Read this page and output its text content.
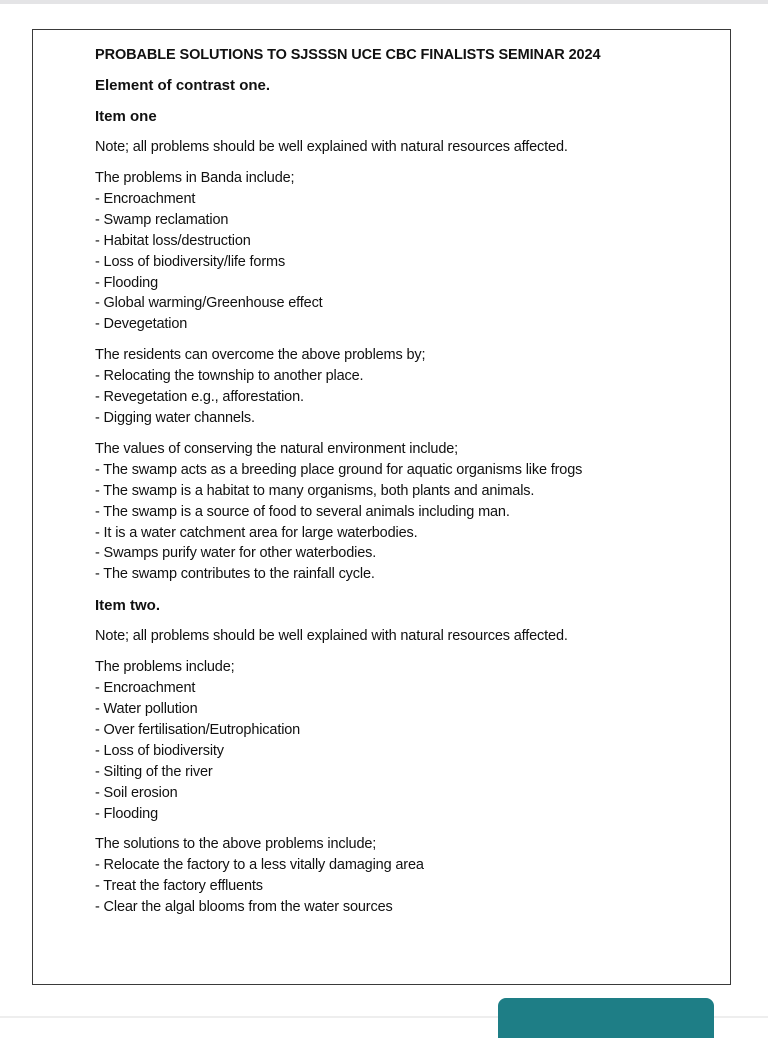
PROBABLE SOLUTIONS TO SJSSSN UCE CBC FINALISTS SEMINAR 2024
Element of contrast one.
Item one
Note; all problems should be well explained with natural resources affected.
The problems in Banda include;
- Encroachment
- Swamp reclamation
- Habitat loss/destruction
- Loss of biodiversity/life forms
- Flooding
- Global warming/Greenhouse effect
- Devegetation
The residents can overcome the above problems by;
- Relocating the township to another place.
- Revegetation e.g., afforestation.
- Digging water channels.
The values of conserving the natural environment include;
- The swamp acts as a breeding place ground for aquatic organisms like frogs
- The swamp is a habitat to many organisms, both plants and animals.
- The swamp is a source of food to several animals including man.
- It is a water catchment area for large waterbodies.
- Swamps purify water for other waterbodies.
- The swamp contributes to the rainfall cycle.
Item two.
Note; all problems should be well explained with natural resources affected.
The problems include;
- Encroachment
- Water pollution
- Over fertilisation/Eutrophication
- Loss of biodiversity
- Silting of the river
- Soil erosion
- Flooding
The solutions to the above problems include;
- Relocate the factory to a less vitally damaging area
- Treat the factory effluents
- Clear the algal blooms from the water sources
